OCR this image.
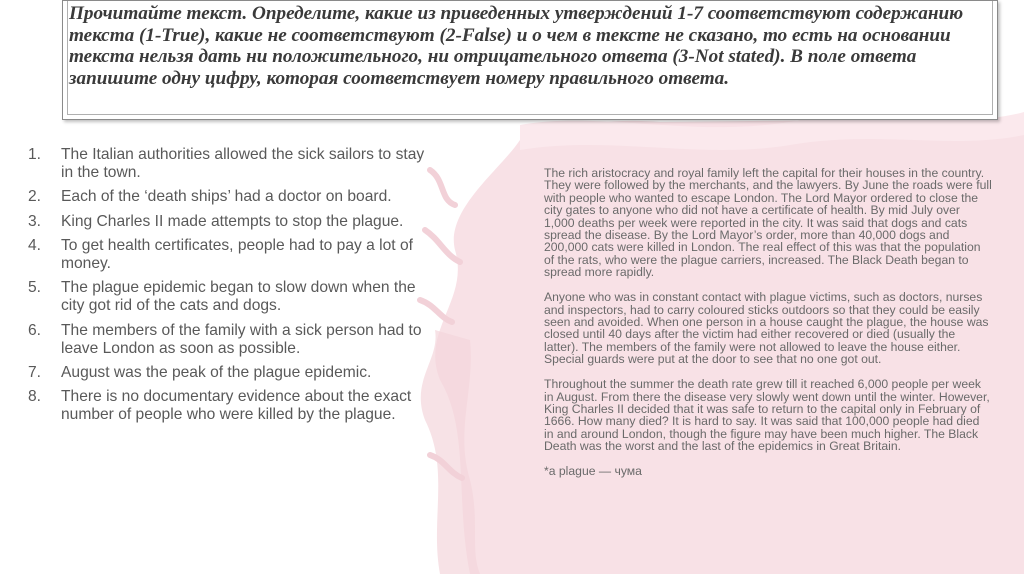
Прочитайте текст. Определите, какие из приведенных утверждений 1-7 соответствуют содержанию текста (1-True), какие не соответствуют (2-False) и о чем в тексте не сказано, то есть на основании текста нельзя дать ни положительного, ни отрицательного ответа (3-Not stated). В поле ответа запишите одну цифру, которая соответствует номеру правильного ответа.

1. The Italian authorities allowed the sick sailors to stay in the town.
2. Each of the ‘death ships’ had a doctor on board.
3. King Charles II made attempts to stop the plague.
4. To get health certificates, people had to pay a lot of money.
5. The plague epidemic began to slow down when the city got rid of the cats and dogs.
6. The members of the family with a sick person had to leave London as soon as possible.
7. August was the peak of the plague epidemic.
8. There is no documentary evidence about the exact number of people who were killed by the plague.

The rich aristocracy and royal family left the capital for their houses in the country. They were followed by the merchants, and the lawyers. By June the roads were full with people who wanted to escape London. The Lord Mayor ordered to close the city gates to anyone who did not have a certificate of health. By mid July over 1,000 deaths per week were reported in the city. It was said that dogs and cats spread the disease. By the Lord Mayor’s order, more than 40,000 dogs and 200,000 cats were killed in London. The real effect of this was that the population of the rats, who were the plague carriers, increased. The Black Death began to spread more rapidly.

Anyone who was in constant contact with plague victims, such as doctors, nurses and inspectors, had to carry coloured sticks outdoors so that they could be easily seen and avoided. When one person in a house caught the plague, the house was closed until 40 days after the victim had either recovered or died (usually the latter). The members of the family were not allowed to leave the house either. Special guards were put at the door to see that no one got out.

Throughout the summer the death rate grew till it reached 6,000 people per week in August. From there the disease very slowly went down until the winter. However, King Charles II decided that it was safe to return to the capital only in February of 1666. How many died? It is hard to say. It was said that 100,000 people had died in and around London, though the figure may have been much higher. The Black Death was the worst and the last of the epidemics in Great Britain.

*a plague — чума
